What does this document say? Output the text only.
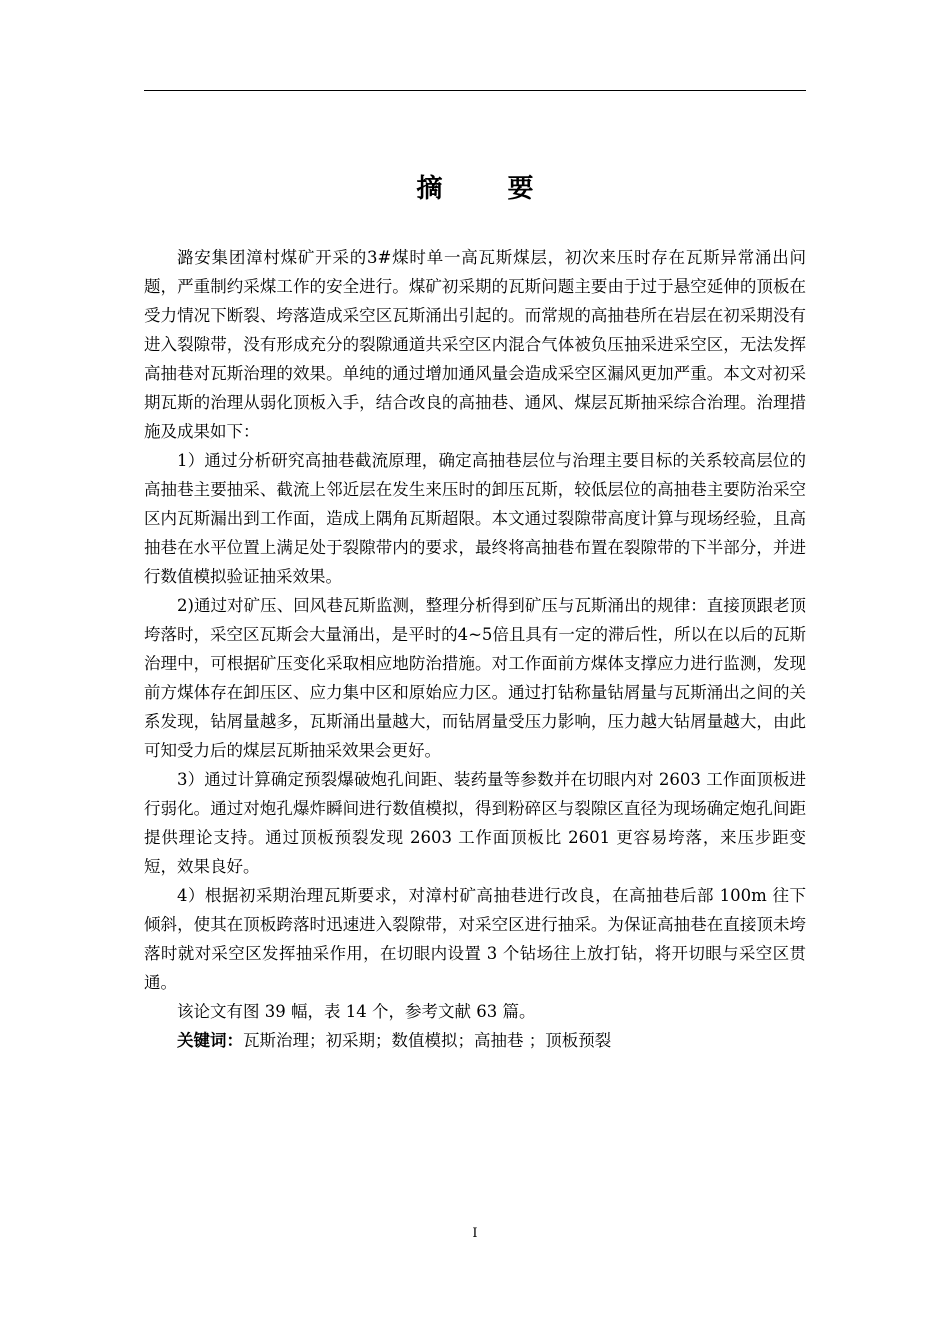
摘 要

潞安集团漳村煤矿开采的3#煤时单一高瓦斯煤层，初次来压时存在瓦斯异常涌出问题，严重制约采煤工作的安全进行。煤矿初采期的瓦斯问题主要由于过于悬空延伸的顶板在受力情况下断裂、垮落造成采空区瓦斯涌出引起的。而常规的高抽巷所在岩层在初采期没有进入裂隙带，没有形成充分的裂隙通道共采空区内混合气体被负压抽采进采空区，无法发挥高抽巷对瓦斯治理的效果。单纯的通过增加通风量会造成采空区漏风更加严重。本文对初采期瓦斯的治理从弱化顶板入手，结合改良的高抽巷、通风、煤层瓦斯抽采综合治理。治理措施及成果如下：

1）通过分析研究高抽巷截流原理，确定高抽巷层位与治理主要目标的关系较高层位的高抽巷主要抽采、截流上邻近层在发生来压时的卸压瓦斯，较低层位的高抽巷主要防治采空区内瓦斯漏出到工作面，造成上隅角瓦斯超限。本文通过裂隙带高度计算与现场经验，且高抽巷在水平位置上满足处于裂隙带内的要求，最终将高抽巷布置在裂隙带的下半部分，并进行数值模拟验证抽采效果。

2)通过对矿压、回风巷瓦斯监测，整理分析得到矿压与瓦斯涌出的规律：直接顶跟老顶垮落时，采空区瓦斯会大量涌出，是平时的4~5倍且具有一定的滞后性，所以在以后的瓦斯治理中，可根据矿压变化采取相应地防治措施。对工作面前方煤体支撑应力进行监测，发现前方煤体存在卸压区、应力集中区和原始应力区。通过打钻称量钻屑量与瓦斯涌出之间的关系发现，钻屑量越多，瓦斯涌出量越大，而钻屑量受压力影响，压力越大钻屑量越大，由此可知受力后的煤层瓦斯抽采效果会更好。

3）通过计算确定预裂爆破炮孔间距、装药量等参数并在切眼内对 2603 工作面顶板进行弱化。通过对炮孔爆炸瞬间进行数值模拟，得到粉碎区与裂隙区直径为现场确定炮孔间距提供理论支持。通过顶板预裂发现 2603 工作面顶板比 2601 更容易垮落，来压步距变短，效果良好。

4）根据初采期治理瓦斯要求，对漳村矿高抽巷进行改良，在高抽巷后部 100m 往下倾斜，使其在顶板跨落时迅速进入裂隙带，对采空区进行抽采。为保证高抽巷在直接顶未垮落时就对采空区发挥抽采作用，在切眼内设置 3 个钻场往上放打钻，将开切眼与采空区贯通。

该论文有图 39 幅，表 14 个，参考文献 63 篇。

关键词：瓦斯治理；初采期；数值模拟；高抽巷 ；顶板预裂

I
